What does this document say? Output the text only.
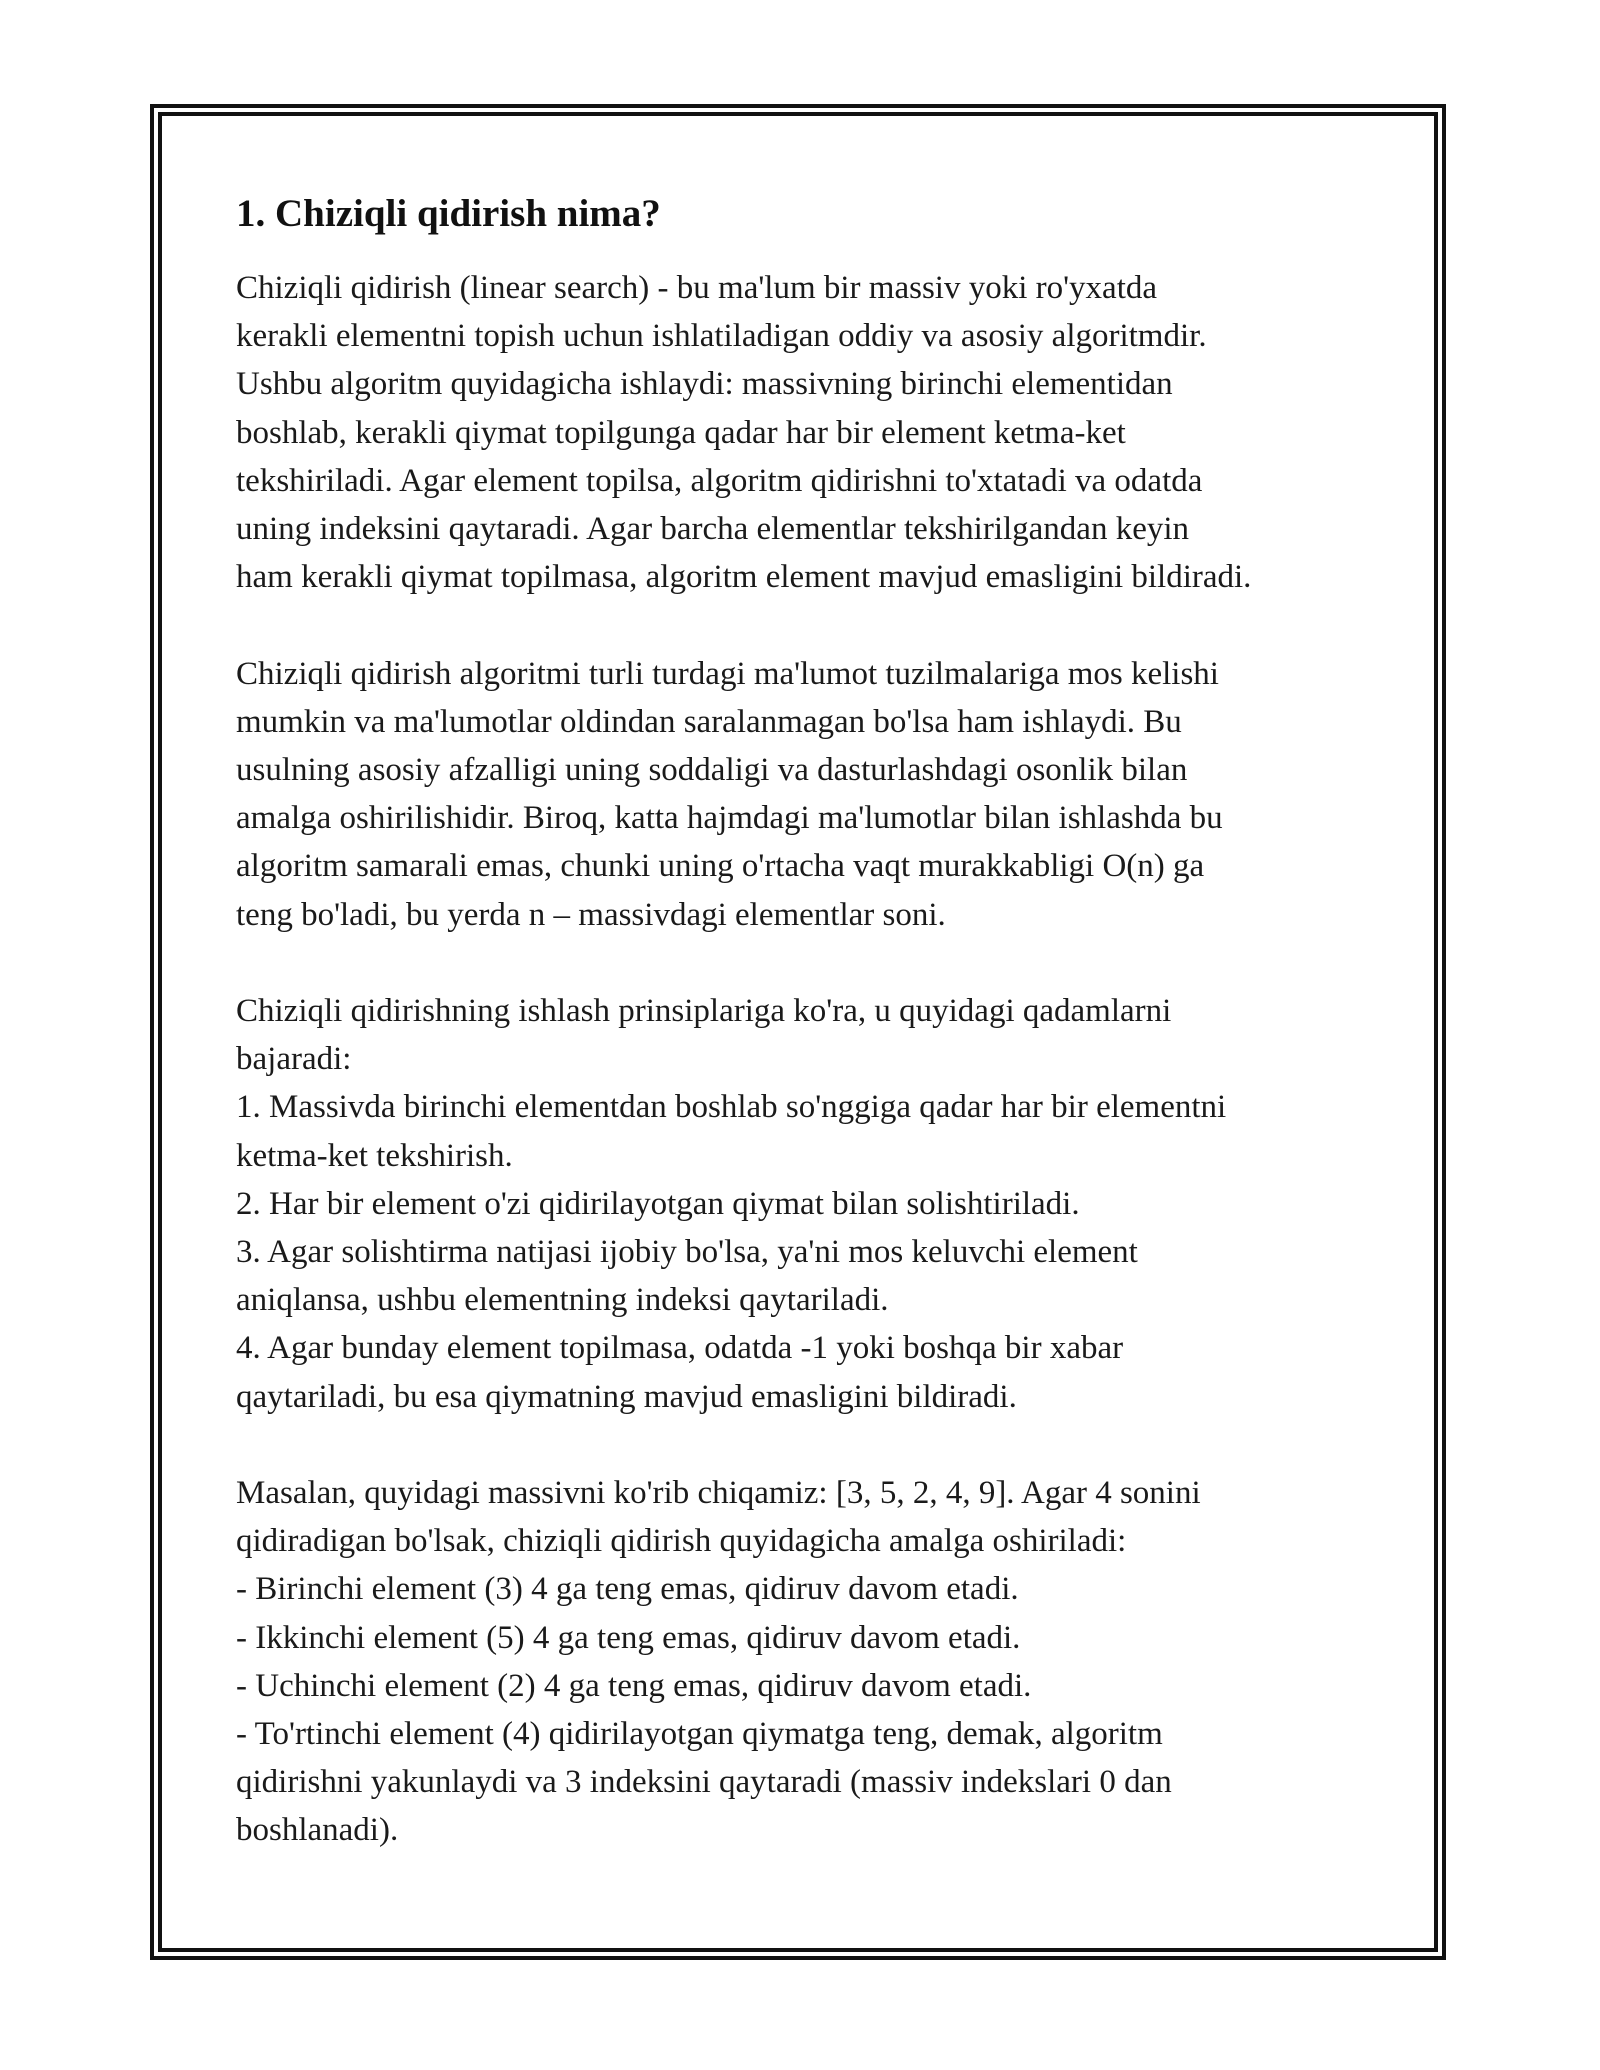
1. Chiziqli qidirish nima?

Chiziqli qidirish (linear search) - bu ma'lum bir massiv yoki ro'yxatda
kerakli elementni topish uchun ishlatiladigan oddiy va asosiy algoritmdir.
Ushbu algoritm quyidagicha ishlaydi: massivning birinchi elementidan
boshlab, kerakli qiymat topilgunga qadar har bir element ketma-ket
tekshiriladi. Agar element topilsa, algoritm qidirishni to'xtatadi va odatda
uning indeksini qaytaradi. Agar barcha elementlar tekshirilgandan keyin
ham kerakli qiymat topilmasa, algoritm element mavjud emasligini bildiradi.

Chiziqli qidirish algoritmi turli turdagi ma'lumot tuzilmalariga mos kelishi
mumkin va ma'lumotlar oldindan saralanmagan bo'lsa ham ishlaydi. Bu
usulning asosiy afzalligi uning soddaligi va dasturlashdagi osonlik bilan
amalga oshirilishidir. Biroq, katta hajmdagi ma'lumotlar bilan ishlashda bu
algoritm samarali emas, chunki uning o'rtacha vaqt murakkabligi O(n) ga
teng bo'ladi, bu yerda n – massivdagi elementlar soni.

Chiziqli qidirishning ishlash prinsiplariga ko'ra, u quyidagi qadamlarni
bajaradi:
1. Massivda birinchi elementdan boshlab so'nggiga qadar har bir elementni
ketma-ket tekshirish.
2. Har bir element o'zi qidirilayotgan qiymat bilan solishtiriladi.
3. Agar solishtirma natijasi ijobiy bo'lsa, ya'ni mos keluvchi element
aniqlansa, ushbu elementning indeksi qaytariladi.
4. Agar bunday element topilmasa, odatda -1 yoki boshqa bir xabar
qaytariladi, bu esa qiymatning mavjud emasligini bildiradi.

Masalan, quyidagi massivni ko'rib chiqamiz: [3, 5, 2, 4, 9]. Agar 4 sonini
qidiradigan bo'lsak, chiziqli qidirish quyidagicha amalga oshiriladi:
- Birinchi element (3) 4 ga teng emas, qidiruv davom etadi.
- Ikkinchi element (5) 4 ga teng emas, qidiruv davom etadi.
- Uchinchi element (2) 4 ga teng emas, qidiruv davom etadi.
- To'rtinchi element (4) qidirilayotgan qiymatga teng, demak, algoritm
qidirishni yakunlaydi va 3 indeksini qaytaradi (massiv indekslari 0 dan
boshlanadi).
